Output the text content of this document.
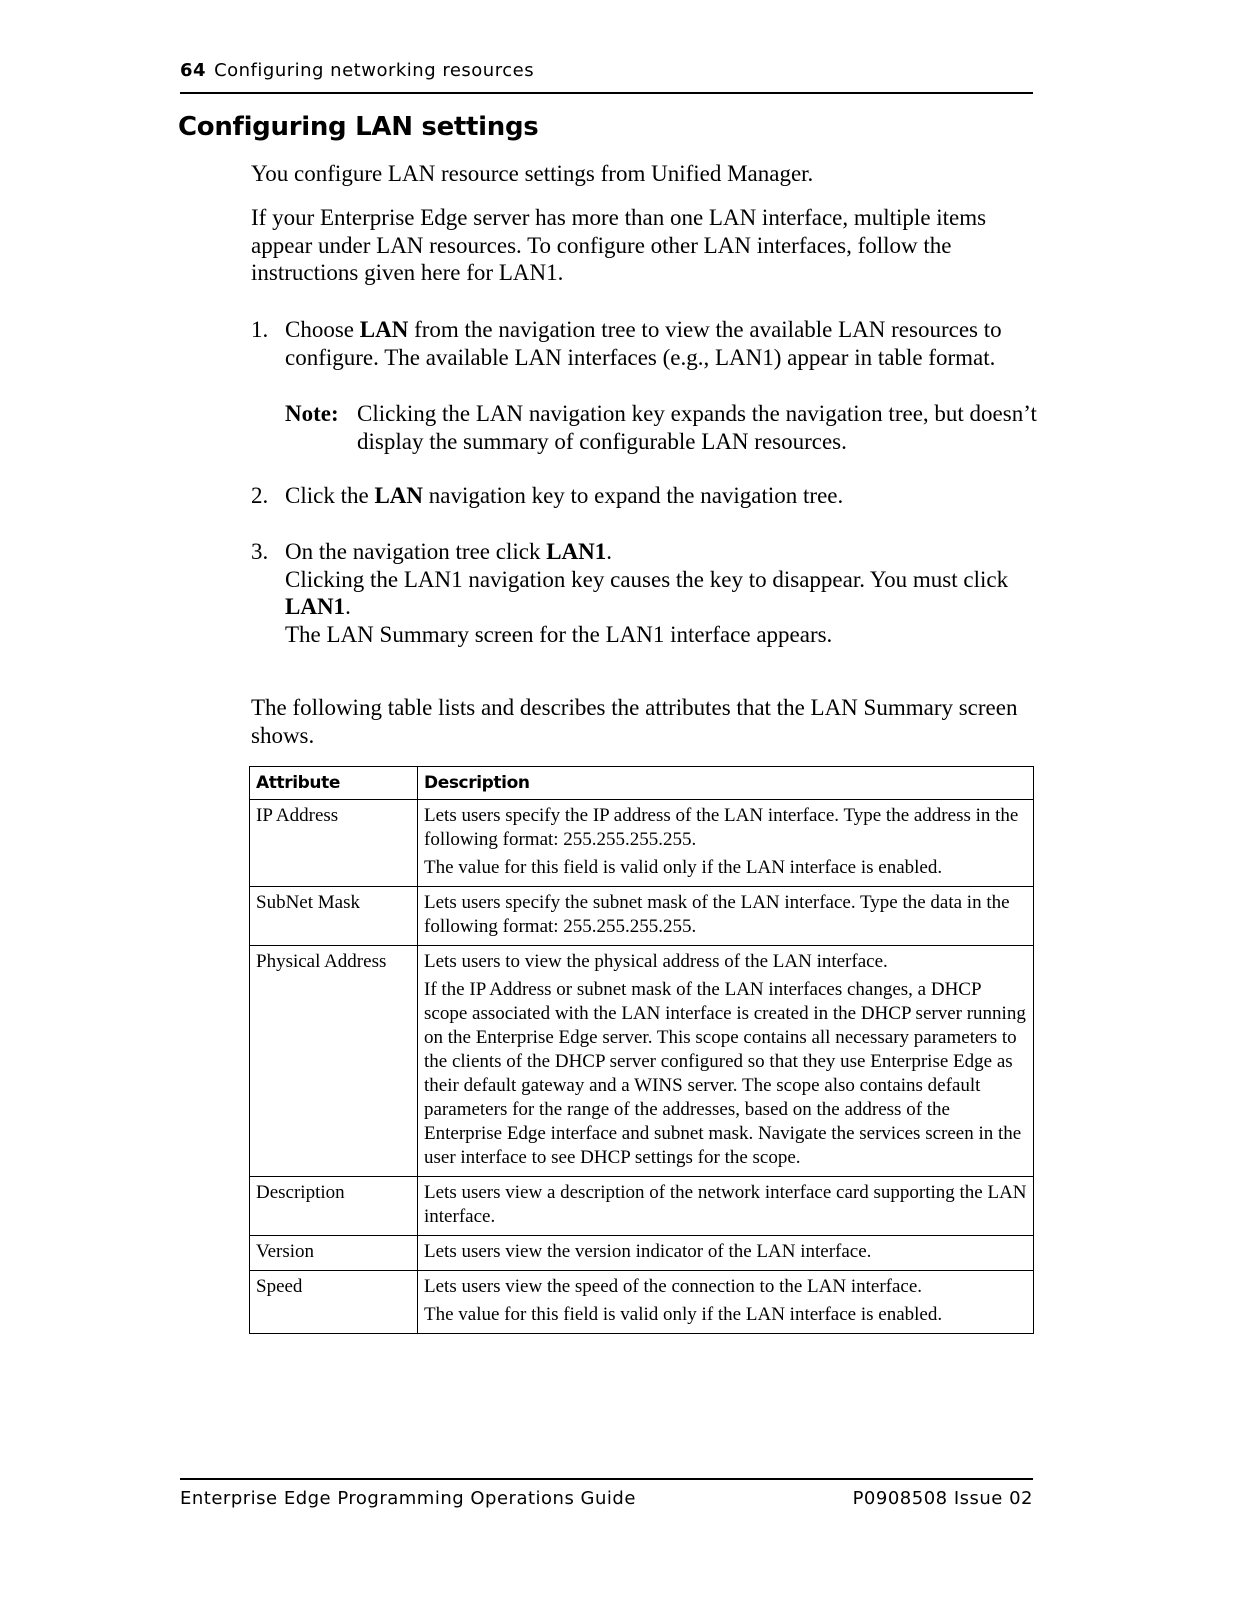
64 Configuring networking resources
Configuring LAN settings

You configure LAN resource settings from Unified Manager.

If your Enterprise Edge server has more than one LAN interface, multiple items appear under LAN resources. To configure other LAN interfaces, follow the instructions given here for LAN1.

1. Choose LAN from the navigation tree to view the available LAN resources to configure. The available LAN interfaces (e.g., LAN1) appear in table format.
Note: Clicking the LAN navigation key expands the navigation tree, but doesn’t display the summary of configurable LAN resources.
2. Click the LAN navigation key to expand the navigation tree.
3. On the navigation tree click LAN1.
Clicking the LAN1 navigation key causes the key to disappear. You must click LAN1.
The LAN Summary screen for the LAN1 interface appears.

The following table lists and describes the attributes that the LAN Summary screen shows.

Attribute	Description
IP Address	Lets users specify the IP address of the LAN interface. Type the address in the following format: 255.255.255.255.
The value for this field is valid only if the LAN interface is enabled.

SubNet Mask	Lets users specify the subnet mask of the LAN interface. Type the data in the following format: 255.255.255.255.

Physical Address	Lets users to view the physical address of the LAN interface.
If the IP Address or subnet mask of the LAN interfaces changes, a DHCP scope associated with the LAN interface is created in the DHCP server running on the Enterprise Edge server. This scope contains all necessary parameters to the clients of the DHCP server configured so that they use Enterprise Edge as their default gateway and a WINS server. The scope also contains default parameters for the range of the addresses, based on the address of the Enterprise Edge interface and subnet mask. Navigate the services screen in the user interface to see DHCP settings for the scope.

Description	Lets users view a description of the network interface card supporting the LAN interface.

Version	Lets users view the version indicator of the LAN interface.

Speed	Lets users view the speed of the connection to the LAN interface.
The value for this field is valid only if the LAN interface is enabled.
Enterprise Edge Programming Operations Guide	P0908508 Issue 02
